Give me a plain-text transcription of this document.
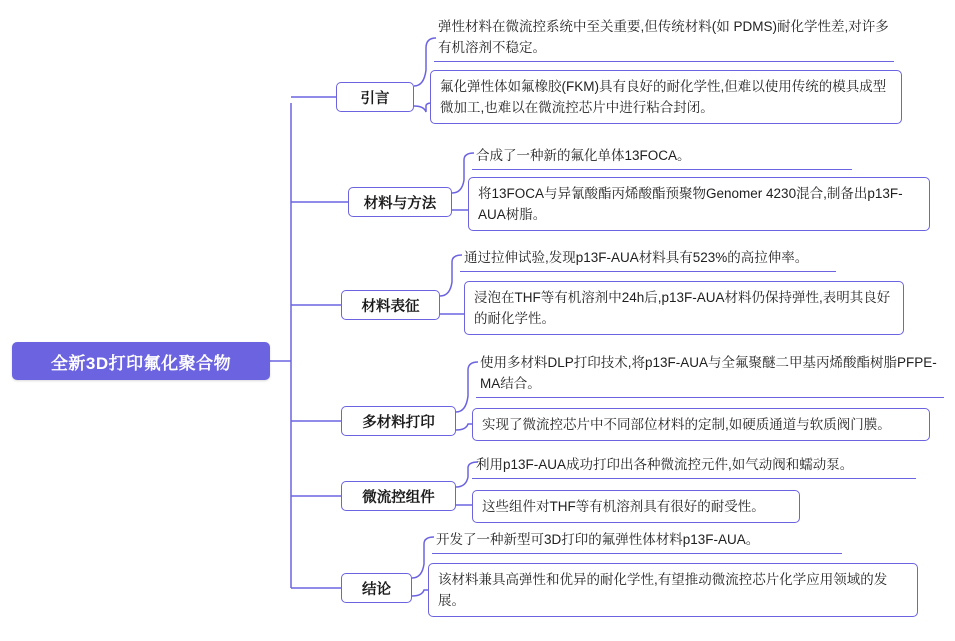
全新3D打印氟化聚合物
引言
弹性材料在微流控系统中至关重要,但传统材料(如 PDMS)耐化学性差,对许多有机溶剂不稳定。
氟化弹性体如氟橡胶(FKM)具有良好的耐化学性,但难以使用传统的模具成型微加工,也难以在微流控芯片中进行粘合封闭。
材料与方法
合成了一种新的氟化单体13FOCA。
将13FOCA与异氰酸酯丙烯酸酯预聚物Genomer 4230混合,制备出p13F-AUA树脂。
材料表征
通过拉伸试验,发现p13F-AUA材料具有523%的高拉伸率。
浸泡在THF等有机溶剂中24h后,p13F-AUA材料仍保持弹性,表明其良好的耐化学性。
多材料打印
使用多材料DLP打印技术,将p13F-AUA与全氟聚醚二甲基丙烯酸酯树脂PFPE-MA结合。
实现了微流控芯片中不同部位材料的定制,如硬质通道与软质阀门膜。
微流控组件
利用p13F-AUA成功打印出各种微流控元件,如气动阀和蠕动泵。
这些组件对THF等有机溶剂具有很好的耐受性。
结论
开发了一种新型可3D打印的氟弹性体材料p13F-AUA。
该材料兼具高弹性和优异的耐化学性,有望推动微流控芯片化学应用领域的发展。
